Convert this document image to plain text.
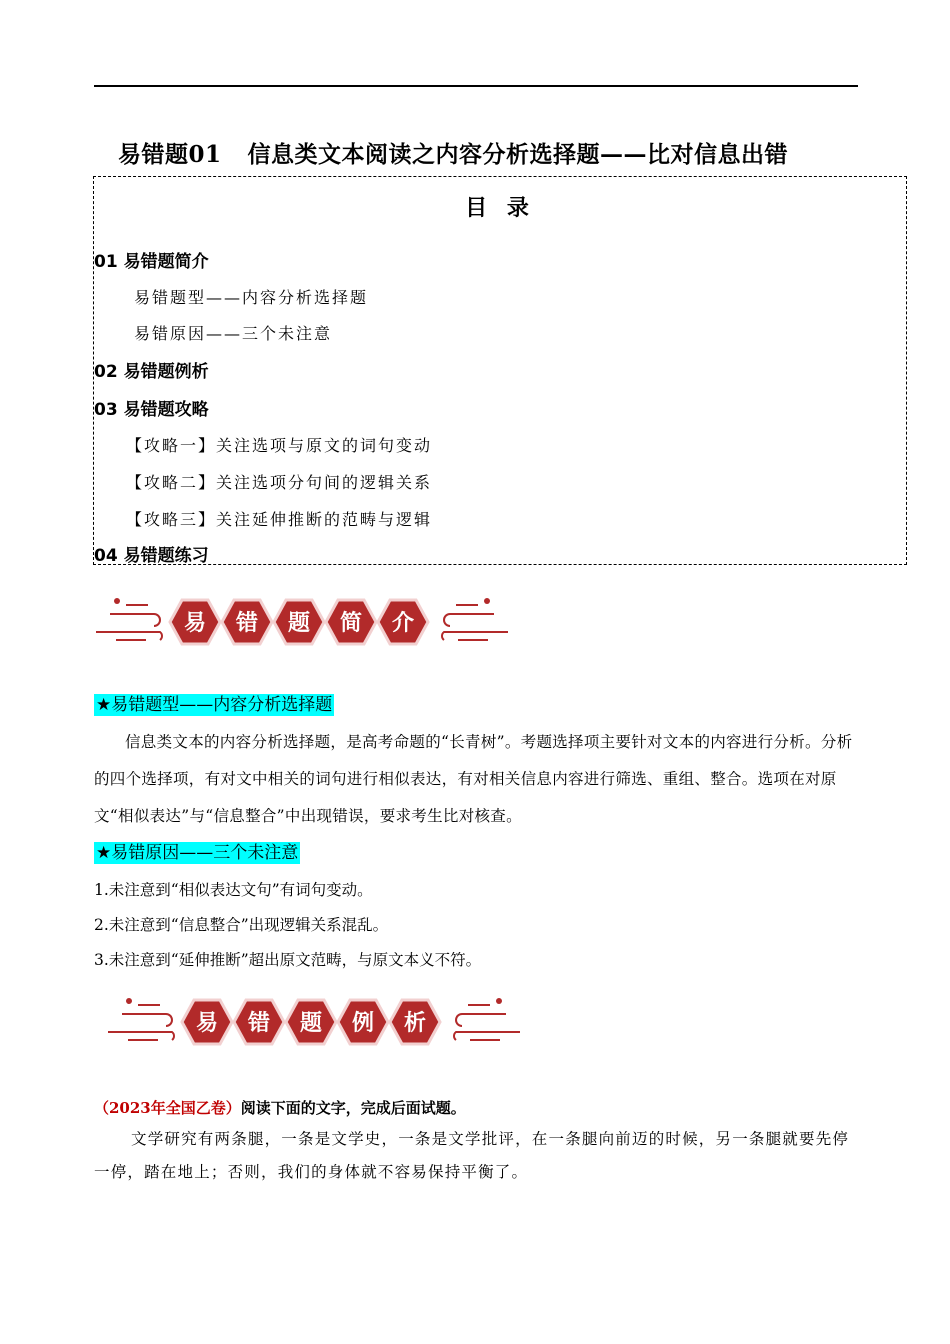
易错题01 信息类文本阅读之内容分析选择题——比对信息出错
目 录
01 易错题简介
易错题型——内容分析选择题
易错原因——三个未注意
02 易错题例析
03 易错题攻略
【攻略一】关注选项与原文的词句变动
【攻略二】关注选项分句间的逻辑关系
【攻略三】关注延伸推断的范畴与逻辑
04 易错题练习
易 错 题 简 介
★易错题型——内容分析选择题
信息类文本的内容分析选择题，是高考命题的“长青树”。考题选择项主要针对文本的内容进行分析。分析的四个选择项，有对文中相关的词句进行相似表达，有对相关信息内容进行筛选、重组、整合。选项在对原文“相似表达”与“信息整合”中出现错误，要求考生比对核查。
★易错原因——三个未注意
1.未注意到“相似表达文句”有词句变动。
2.未注意到“信息整合”出现逻辑关系混乱。
3.未注意到“延伸推断”超出原文范畴，与原文本义不符。
易 错 题 例 析
（2023年全国乙卷）阅读下面的文字，完成后面试题。
文学研究有两条腿，一条是文学史，一条是文学批评，在一条腿向前迈的时候，另一条腿就要先停一停，踏在地上；否则，我们的身体就不容易保持平衡了。
